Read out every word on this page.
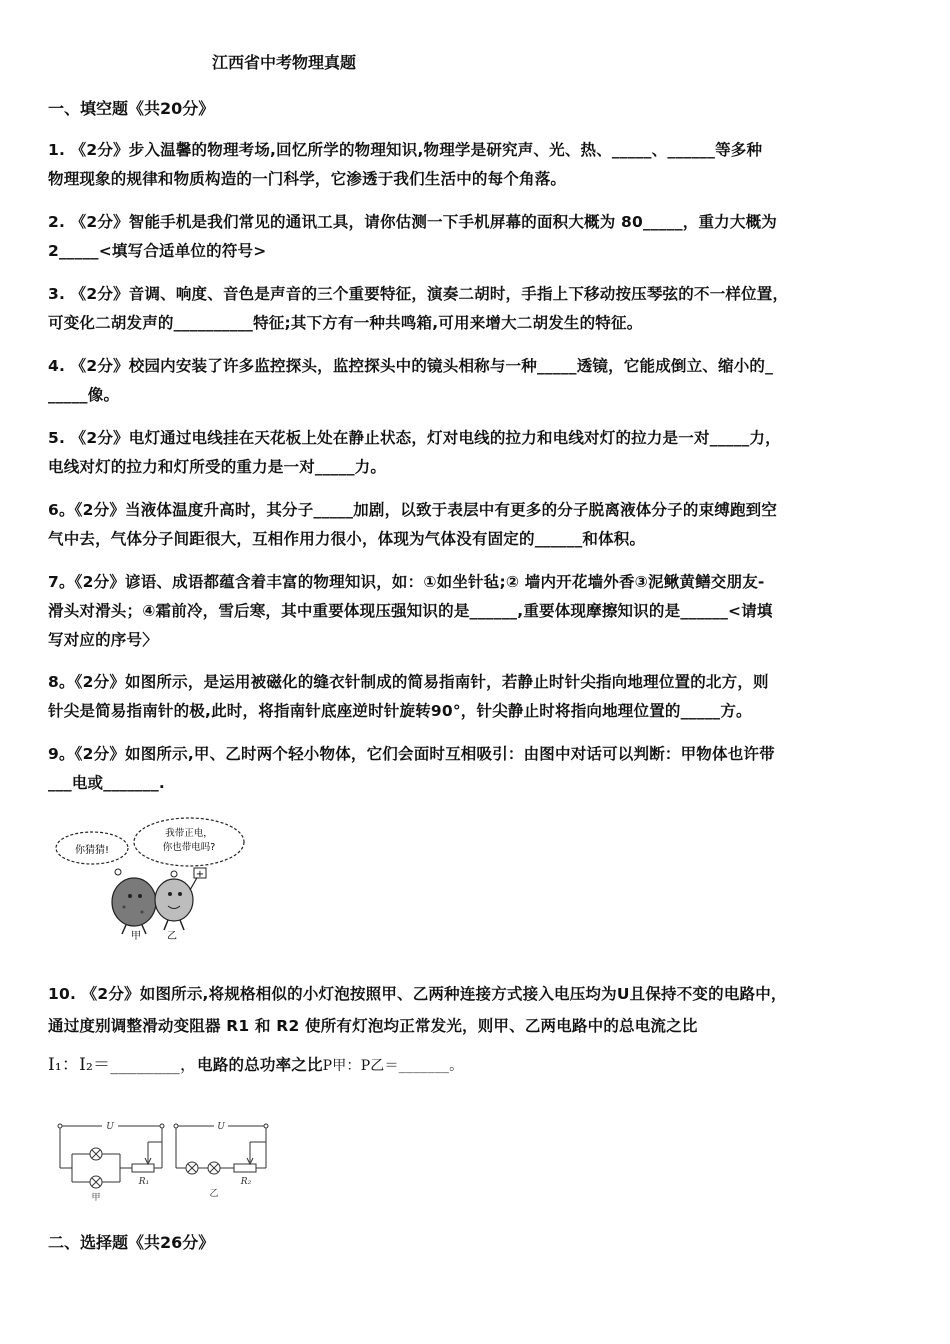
江西省中考物理真题
一、填空题《共20分》

1. 《2分》步入温馨的物理考场,回忆所学的物理知识,物理学是研究声、光、热、_____、______等多种

物理现象的规律和物质构造的一门科学，它渗透于我们生活中的每个角落。

2. 《2分》智能手机是我们常见的通讯工具，请你估测一下手机屏幕的面积大概为 80_____，重力大概为

2_____<填写合适单位的符号>

3. 《2分》音调、响度、音色是声音的三个重要特征，演奏二胡时，手指上下移动按压琴弦的不一样位置，

可变化二胡发声的__________特征;其下方有一种共鸣箱,可用来增大二胡发生的特征。

4. 《2分》校园内安装了许多监控探头，监控探头中的镜头相称与一种_____透镜，它能成倒立、缩小的_

_____像。

5. 《2分》电灯通过电线挂在天花板上处在静止状态，灯对电线的拉力和电线对灯的拉力是一对_____力，

电线对灯的拉力和灯所受的重力是一对_____力。

6。《2分》当液体温度升高时，其分子_____加剧，以致于表层中有更多的分子脱离液体分子的束缚跑到空

气中去，气体分子间距很大，互相作用力很小，体现为气体没有固定的______和体积。

7。《2分》谚语、成语都蕴含着丰富的物理知识，如：①如坐针毡;② 墙内开花墙外香③泥鳅黄鳝交朋友-

滑头对滑头；④霜前冷，雪后寒，其中重要体现压强知识的是______,重要体现摩擦知识的是______<请填

写对应的序号〉

8。《2分》如图所示，是运用被磁化的缝衣针制成的简易指南针，若静止时针尖指向地理位置的北方，则

针尖是简易指南针的极,此时，将指南针底座逆时针旋转90°，针尖静止时将指向地理位置的_____方。

9。《2分》如图所示,甲、乙时两个轻小物体，它们会面时互相吸引：由图中对话可以判断：甲物体也许带

___电或_______.

你猜猜!
我带正电，
你也带电吗?
+
甲	乙

10. 《2分》如图所示,将规格相似的小灯泡按照甲、乙两种连接方式接入电压均为U且保持不变的电路中，

通过度别调整滑动变阻器 R1 和 R2 使所有灯泡均正常发光，则甲、乙两电路中的总电流之比

I₁：I₂＝________，电路的总功率之比P甲：P乙＝_______。

U	U
R₁	R₂
甲	乙
二、选择题《共26分》
